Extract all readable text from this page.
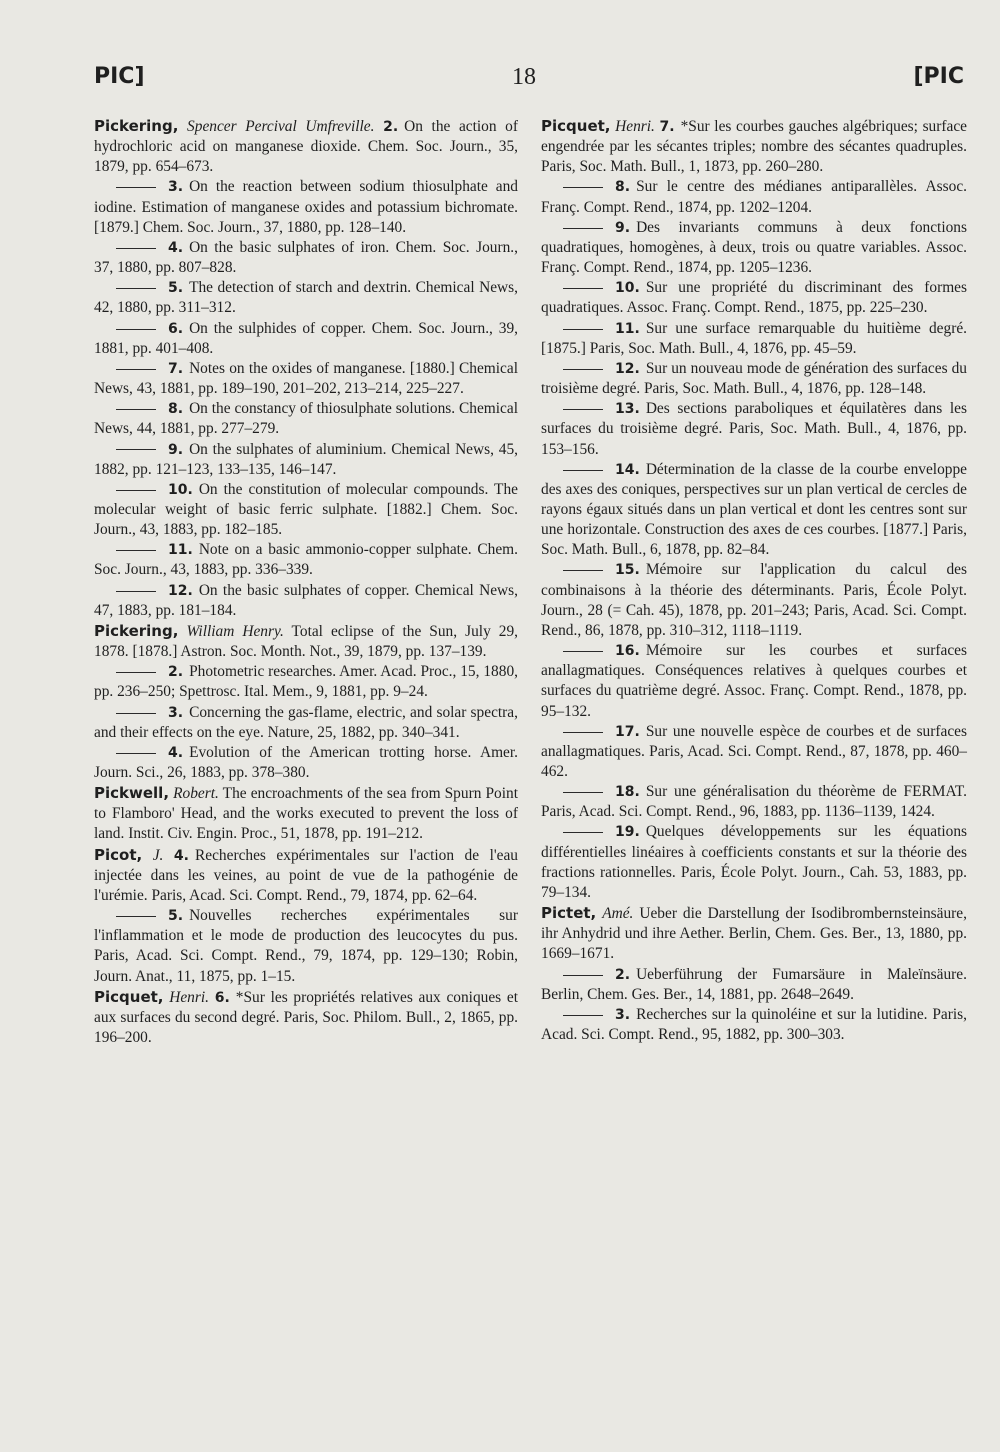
PIC]	18	[PIC

Pickering, Spencer Percival Umfreville. 2. On the action of hydrochloric acid on manganese dioxide. Chem. Soc. Journ., 35, 1879, pp. 654–673.

3. On the reaction between sodium thiosulphate and iodine. Estimation of manganese oxides and potassium bichromate. [1879.] Chem. Soc. Journ., 37, 1880, pp. 128–140.

4. On the basic sulphates of iron. Chem. Soc. Journ., 37, 1880, pp. 807–828.

5. The detection of starch and dextrin. Chemical News, 42, 1880, pp. 311–312.

6. On the sulphides of copper. Chem. Soc. Journ., 39, 1881, pp. 401–408.

7. Notes on the oxides of manganese. [1880.] Chemical News, 43, 1881, pp. 189–190, 201–202, 213–214, 225–227.

8. On the constancy of thiosulphate solutions. Chemical News, 44, 1881, pp. 277–279.

9. On the sulphates of aluminium. Chemical News, 45, 1882, pp. 121–123, 133–135, 146–147.

10. On the constitution of molecular compounds. The molecular weight of basic ferric sulphate. [1882.] Chem. Soc. Journ., 43, 1883, pp. 182–185.

11. Note on a basic ammonio-copper sulphate. Chem. Soc. Journ., 43, 1883, pp. 336–339.

12. On the basic sulphates of copper. Chemical News, 47, 1883, pp. 181–184.

Pickering, William Henry. Total eclipse of the Sun, July 29, 1878. [1878.] Astron. Soc. Month. Not., 39, 1879, pp. 137–139.

2. Photometric researches. Amer. Acad. Proc., 15, 1880, pp. 236–250; Spettrosc. Ital. Mem., 9, 1881, pp. 9–24.

3. Concerning the gas-flame, electric, and solar spectra, and their effects on the eye. Nature, 25, 1882, pp. 340–341.

4. Evolution of the American trotting horse. Amer. Journ. Sci., 26, 1883, pp. 378–380.

Pickwell, Robert. The encroachments of the sea from Spurn Point to Flamboro' Head, and the works executed to prevent the loss of land. Instit. Civ. Engin. Proc., 51, 1878, pp. 191–212.

Picot, J. 4. Recherches expérimentales sur l'action de l'eau injectée dans les veines, au point de vue de la pathogénie de l'urémie. Paris, Acad. Sci. Compt. Rend., 79, 1874, pp. 62–64.

5. Nouvelles recherches expérimentales sur l'inflammation et le mode de production des leucocytes du pus. Paris, Acad. Sci. Compt. Rend., 79, 1874, pp. 129–130; Robin, Journ. Anat., 11, 1875, pp. 1–15.

Picquet, Henri. 6. *Sur les propriétés relatives aux coniques et aux surfaces du second degré. Paris, Soc. Philom. Bull., 2, 1865, pp. 196–200.

Picquet, Henri. 7. *Sur les courbes gauches algébriques; surface engendrée par les sécantes triples; nombre des sécantes quadruples. Paris, Soc. Math. Bull., 1, 1873, pp. 260–280.

8. Sur le centre des médianes antiparallèles. Assoc. Franç. Compt. Rend., 1874, pp. 1202–1204.

9. Des invariants communs à deux fonctions quadratiques, homogènes, à deux, trois ou quatre variables. Assoc. Franç. Compt. Rend., 1874, pp. 1205–1236.

10. Sur une propriété du discriminant des formes quadratiques. Assoc. Franç. Compt. Rend., 1875, pp. 225–230.

11. Sur une surface remarquable du huitième degré. [1875.] Paris, Soc. Math. Bull., 4, 1876, pp. 45–59.

12. Sur un nouveau mode de génération des surfaces du troisième degré. Paris, Soc. Math. Bull., 4, 1876, pp. 128–148.

13. Des sections paraboliques et équilatères dans les surfaces du troisième degré. Paris, Soc. Math. Bull., 4, 1876, pp. 153–156.

14. Détermination de la classe de la courbe enveloppe des axes des coniques, perspectives sur un plan vertical de cercles de rayons égaux situés dans un plan vertical et dont les centres sont sur une horizontale. Construction des axes de ces courbes. [1877.] Paris, Soc. Math. Bull., 6, 1878, pp. 82–84.

15. Mémoire sur l'application du calcul des combinaisons à la théorie des déterminants. Paris, École Polyt. Journ., 28 (= Cah. 45), 1878, pp. 201–243; Paris, Acad. Sci. Compt. Rend., 86, 1878, pp. 310–312, 1118–1119.

16. Mémoire sur les courbes et surfaces anallagmatiques. Conséquences relatives à quelques courbes et surfaces du quatrième degré. Assoc. Franç. Compt. Rend., 1878, pp. 95–132.

17. Sur une nouvelle espèce de courbes et de surfaces anallagmatiques. Paris, Acad. Sci. Compt. Rend., 87, 1878, pp. 460–462.

18. Sur une généralisation du théorème de FERMAT. Paris, Acad. Sci. Compt. Rend., 96, 1883, pp. 1136–1139, 1424.

19. Quelques développements sur les équations différentielles linéaires à coefficients constants et sur la théorie des fractions rationnelles. Paris, École Polyt. Journ., Cah. 53, 1883, pp. 79–134.

Pictet, Amé. Ueber die Darstellung der Isodibrombernsteinsäure, ihr Anhydrid und ihre Aether. Berlin, Chem. Ges. Ber., 13, 1880, pp. 1669–1671.

2. Ueberführung der Fumarsäure in Maleïnsäure. Berlin, Chem. Ges. Ber., 14, 1881, pp. 2648–2649.

3. Recherches sur la quinoléine et sur la lutidine. Paris, Acad. Sci. Compt. Rend., 95, 1882, pp. 300–303.
